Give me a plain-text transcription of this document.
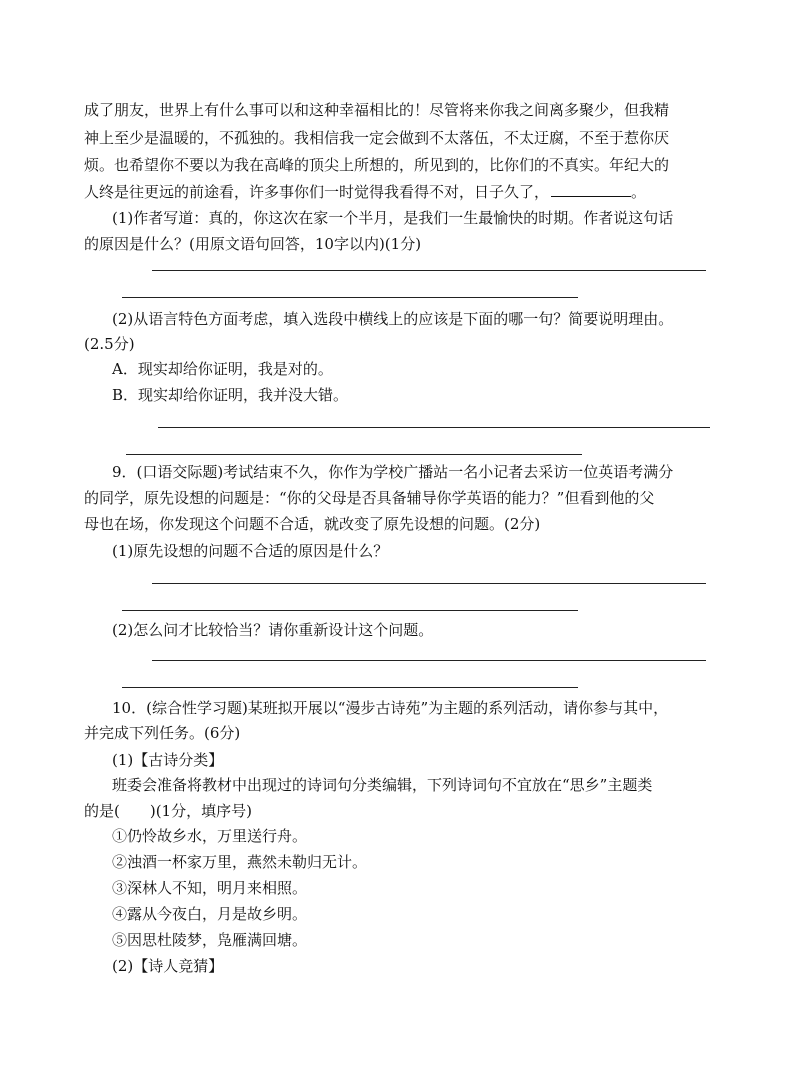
成了朋友，世界上有什么事可以和这种幸福相比的！尽管将来你我之间离多聚少，但我精
神上至少是温暖的，不孤独的。我相信我一定会做到不太落伍，不太迂腐，不至于惹你厌
烦。也希望你不要以为我在高峰的顶尖上所想的，所见到的，比你们的不真实。年纪大的
人终是往更远的前途看，许多事你们一时觉得我看得不对，日子久了，	。
(1)作者写道：真的，你这次在家一个半月，是我们一生最愉快的时期。作者说这句话
的原因是什么？(用原文语句回答，10字以内)(1分)
(2)从语言特色方面考虑，填入选段中横线上的应该是下面的哪一句？简要说明理由。
(2.5分)
A．现实却给你证明，我是对的。
B．现实却给你证明，我并没大错。
9．(口语交际题)考试结束不久，你作为学校广播站一名小记者去采访一位英语考满分
的同学，原先设想的问题是：“你的父母是否具备辅导你学英语的能力？”但看到他的父
母也在场，你发现这个问题不合适，就改变了原先设想的问题。(2分)
(1)原先设想的问题不合适的原因是什么？
(2)怎么问才比较恰当？请你重新设计这个问题。
10．(综合性学习题)某班拟开展以“漫步古诗苑”为主题的系列活动，请你参与其中，
并完成下列任务。(6分)
(1)【古诗分类】
班委会准备将教材中出现过的诗词句分类编辑，下列诗词句不宜放在“思乡”主题类
的是(　　)(1分，填序号)
①仍怜故乡水，万里送行舟。
②浊酒一杯家万里，燕然未勒归无计。
③深林人不知，明月来相照。
④露从今夜白，月是故乡明。
⑤因思杜陵梦，凫雁满回塘。
(2)【诗人竞猜】
